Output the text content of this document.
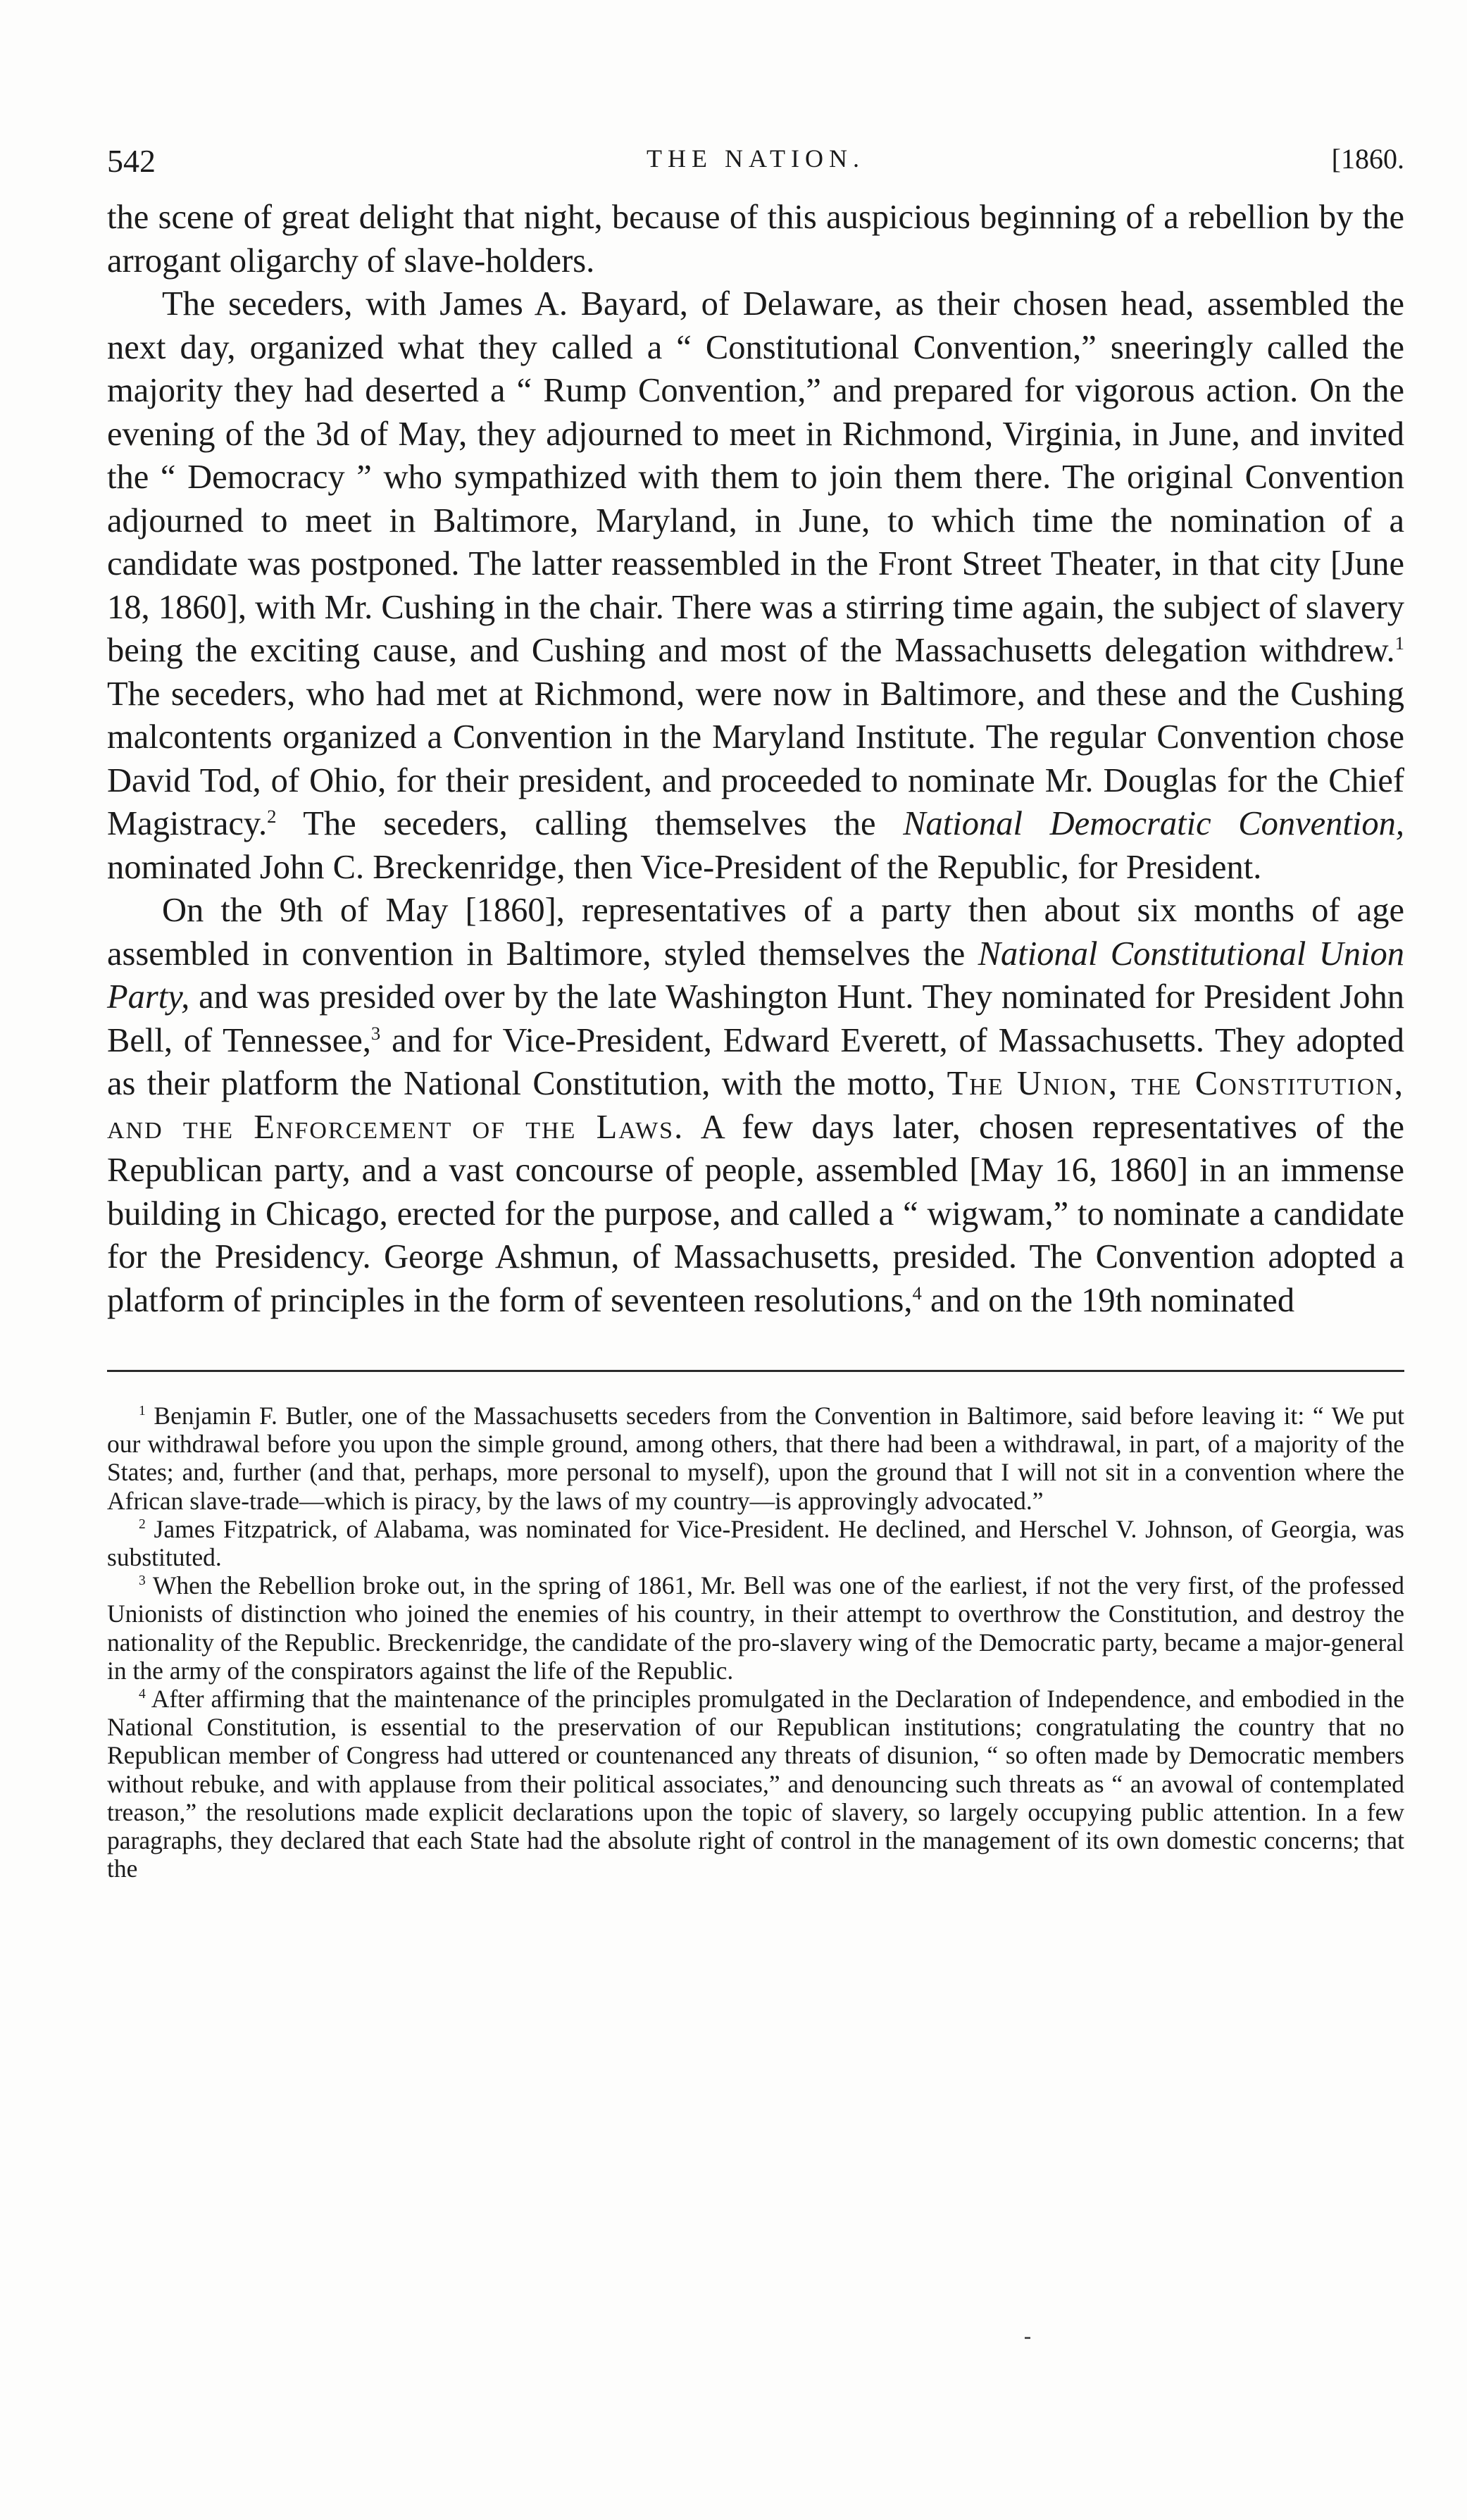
542	THE NATION.	[1860.

the scene of great delight that night, because of this auspicious beginning of a rebellion by the arrogant oligarchy of slave-holders.

The seceders, with James A. Bayard, of Delaware, as their chosen head, assembled the next day, organized what they called a “ Constitutional Convention,” sneeringly called the majority they had deserted a “ Rump Convention,” and prepared for vigorous action. On the evening of the 3d of May, they adjourned to meet in Richmond, Virginia, in June, and invited the “ Democracy ” who sympathized with them to join them there. The original Convention adjourned to meet in Baltimore, Maryland, in June, to which time the nomination of a candidate was postponed. The latter reassembled in the Front Street Theater, in that city [June 18, 1860], with Mr. Cushing in the chair. There was a stirring time again, the subject of slavery being the exciting cause, and Cushing and most of the Massachusetts delegation withdrew.$^1$ The seceders, who had met at Richmond, were now in Baltimore, and these and the Cushing malcontents organized a Convention in the Maryland Institute. The regular Convention chose David Tod, of Ohio, for their president, and proceeded to nominate Mr. Douglas for the Chief Magistracy.$^2$ The seceders, calling themselves the National Democratic Convention, nominated John C. Breckenridge, then Vice-President of the Republic, for President.

On the 9th of May [1860], representatives of a party then about six months of age assembled in convention in Baltimore, styled themselves the National Constitutional Union Party, and was presided over by the late Washington Hunt. They nominated for President John Bell, of Tennessee,$^3$ and for Vice-President, Edward Everett, of Massachusetts. They adopted as their platform the National Constitution, with the motto, The Union, the Constitution, and the Enforcement of the Laws. A few days later, chosen representatives of the Republican party, and a vast concourse of people, assembled [May 16, 1860] in an immense building in Chicago, erected for the purpose, and called a “ wigwam,” to nominate a candidate for the Presidency. George Ashmun, of Massachusetts, presided. The Convention adopted a platform of principles in the form of seventeen resolutions,$^4$ and on the 19th nominated

$^1$ Benjamin F. Butler, one of the Massachusetts seceders from the Convention in Baltimore, said before leaving it: “ We put our withdrawal before you upon the simple ground, among others, that there had been a withdrawal, in part, of a majority of the States; and, further (and that, perhaps, more personal to myself), upon the ground that I will not sit in a convention where the African slave-trade—which is piracy, by the laws of my country—is approvingly advocated.”

$^2$ James Fitzpatrick, of Alabama, was nominated for Vice-President. He declined, and Herschel V. Johnson, of Georgia, was substituted.

$^3$ When the Rebellion broke out, in the spring of 1861, Mr. Bell was one of the earliest, if not the very first, of the professed Unionists of distinction who joined the enemies of his country, in their attempt to overthrow the Constitution, and destroy the nationality of the Republic. Breckenridge, the candidate of the pro-slavery wing of the Democratic party, became a major-general in the army of the conspirators against the life of the Republic.

$^4$ After affirming that the maintenance of the principles promulgated in the Declaration of Independence, and embodied in the National Constitution, is essential to the preservation of our Republican institutions; congratulating the country that no Republican member of Congress had uttered or countenanced any threats of disunion, “ so often made by Democratic members without rebuke, and with applause from their political associates,” and denouncing such threats as “ an avowal of contemplated treason,” the resolutions made explicit declarations upon the topic of slavery, so largely occupying public attention. In a few paragraphs, they declared that each State had the absolute right of control in the management of its own domestic concerns; that the
